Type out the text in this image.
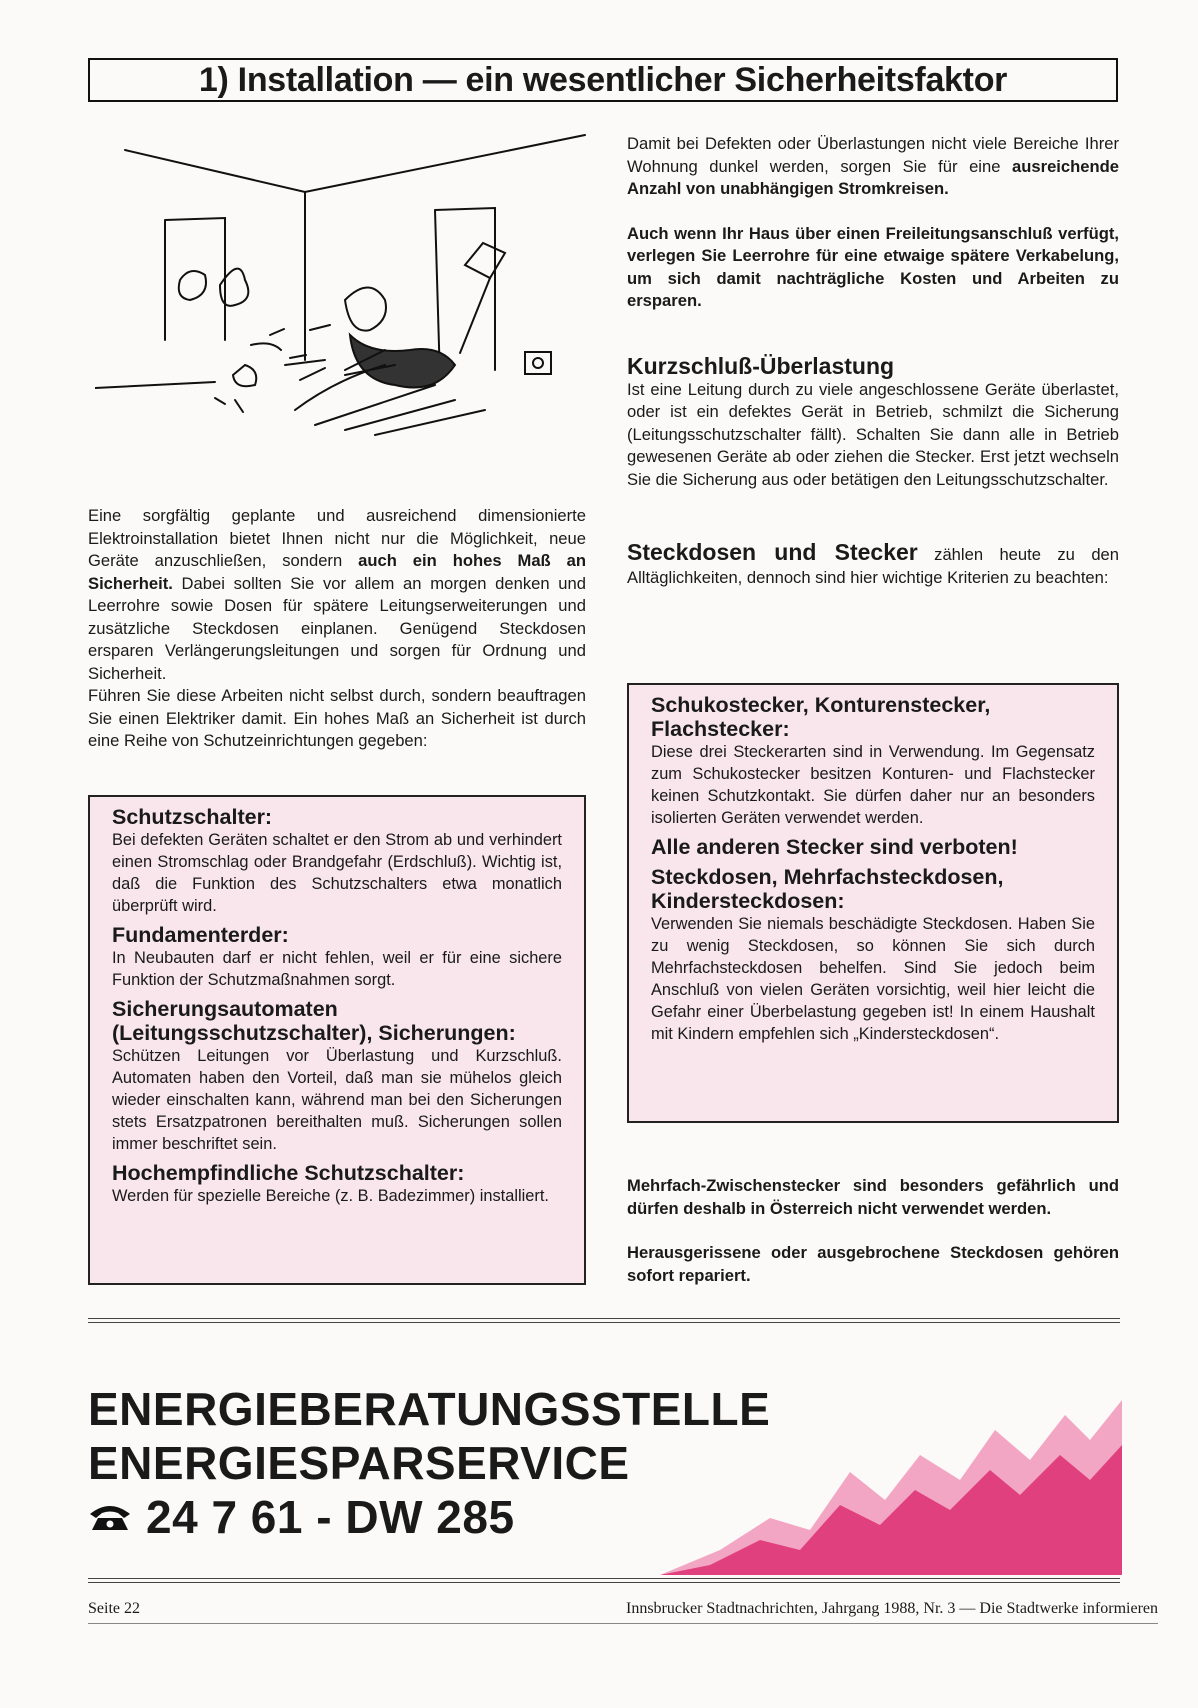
1) Installation — ein wesentlicher Sicherheitsfaktor

Eine sorgfältig geplante und ausreichend dimensionierte Elektroinstallation bietet Ihnen nicht nur die Möglichkeit, neue Geräte anzuschließen, sondern auch ein hohes Maß an Sicherheit. Dabei sollten Sie vor allem an morgen denken und Leerrohre sowie Dosen für spätere Leitungserweiterungen und zusätzliche Steckdosen einplanen. Genügend Steckdosen ersparen Verlängerungsleitungen und sorgen für Ordnung und Sicherheit.

Führen Sie diese Arbeiten nicht selbst durch, sondern beauftragen Sie einen Elektriker damit. Ein hohes Maß an Sicherheit ist durch eine Reihe von Schutzeinrichtungen gegeben:

Schutzschalter:

Bei defekten Geräten schaltet er den Strom ab und verhindert einen Stromschlag oder Brandgefahr (Erdschluß). Wichtig ist, daß die Funktion des Schutzschalters etwa monatlich überprüft wird.

Fundamenterder:

In Neubauten darf er nicht fehlen, weil er für eine sichere Funktion der Schutzmaßnahmen sorgt.

Sicherungsautomaten (Leitungsschutzschalter), Sicherungen:

Schützen Leitungen vor Überlastung und Kurzschluß. Automaten haben den Vorteil, daß man sie mühelos gleich wieder einschalten kann, während man bei den Sicherungen stets Ersatzpatronen bereithalten muß. Sicherungen sollen immer beschriftet sein.

Hochempfindliche Schutzschalter:

Werden für spezielle Bereiche (z. B. Badezimmer) installiert.

Damit bei Defekten oder Überlastungen nicht viele Bereiche Ihrer Wohnung dunkel werden, sorgen Sie für eine ausreichende Anzahl von unabhängigen Stromkreisen.

Auch wenn Ihr Haus über einen Freileitungsanschluß verfügt, verlegen Sie Leerrohre für eine etwaige spätere Verkabelung, um sich damit nachträgliche Kosten und Arbeiten zu ersparen.

Kurzschluß-Überlastung

Ist eine Leitung durch zu viele angeschlossene Geräte überlastet, oder ist ein defektes Gerät in Betrieb, schmilzt die Sicherung (Leitungsschutzschalter fällt). Schalten Sie dann alle in Betrieb gewesenen Geräte ab oder ziehen die Stecker. Erst jetzt wechseln Sie die Sicherung aus oder betätigen den Leitungsschutzschalter.

Steckdosen und Stecker zählen heute zu den Alltäglichkeiten, dennoch sind hier wichtige Kriterien zu beachten:

Schukostecker, Konturenstecker, Flachstecker:

Diese drei Steckerarten sind in Verwendung. Im Gegensatz zum Schukostecker besitzen Konturen- und Flachstecker keinen Schutzkontakt. Sie dürfen daher nur an besonders isolierten Geräten verwendet werden.

Alle anderen Stecker sind verboten!
Steckdosen, Mehrfachsteckdosen, Kindersteckdosen:

Verwenden Sie niemals beschädigte Steckdosen. Haben Sie zu wenig Steckdosen, so können Sie sich durch Mehrfachsteckdosen behelfen. Sind Sie jedoch beim Anschluß von vielen Geräten vorsichtig, weil hier leicht die Gefahr einer Überbelastung gegeben ist! In einem Haushalt mit Kindern empfehlen sich „Kindersteckdosen“.

Mehrfach-Zwischenstecker sind besonders gefährlich und dürfen deshalb in Österreich nicht verwendet werden.

Herausgerissene oder ausgebrochene Steckdosen gehören sofort repariert.

ENERGIEBERATUNGSSTELLE
ENERGIESPARSERVICE
24 7 61 - DW 285
Seite 22	Innsbrucker Stadtnachrichten, Jahrgang 1988, Nr. 3 — Die Stadtwerke informieren
